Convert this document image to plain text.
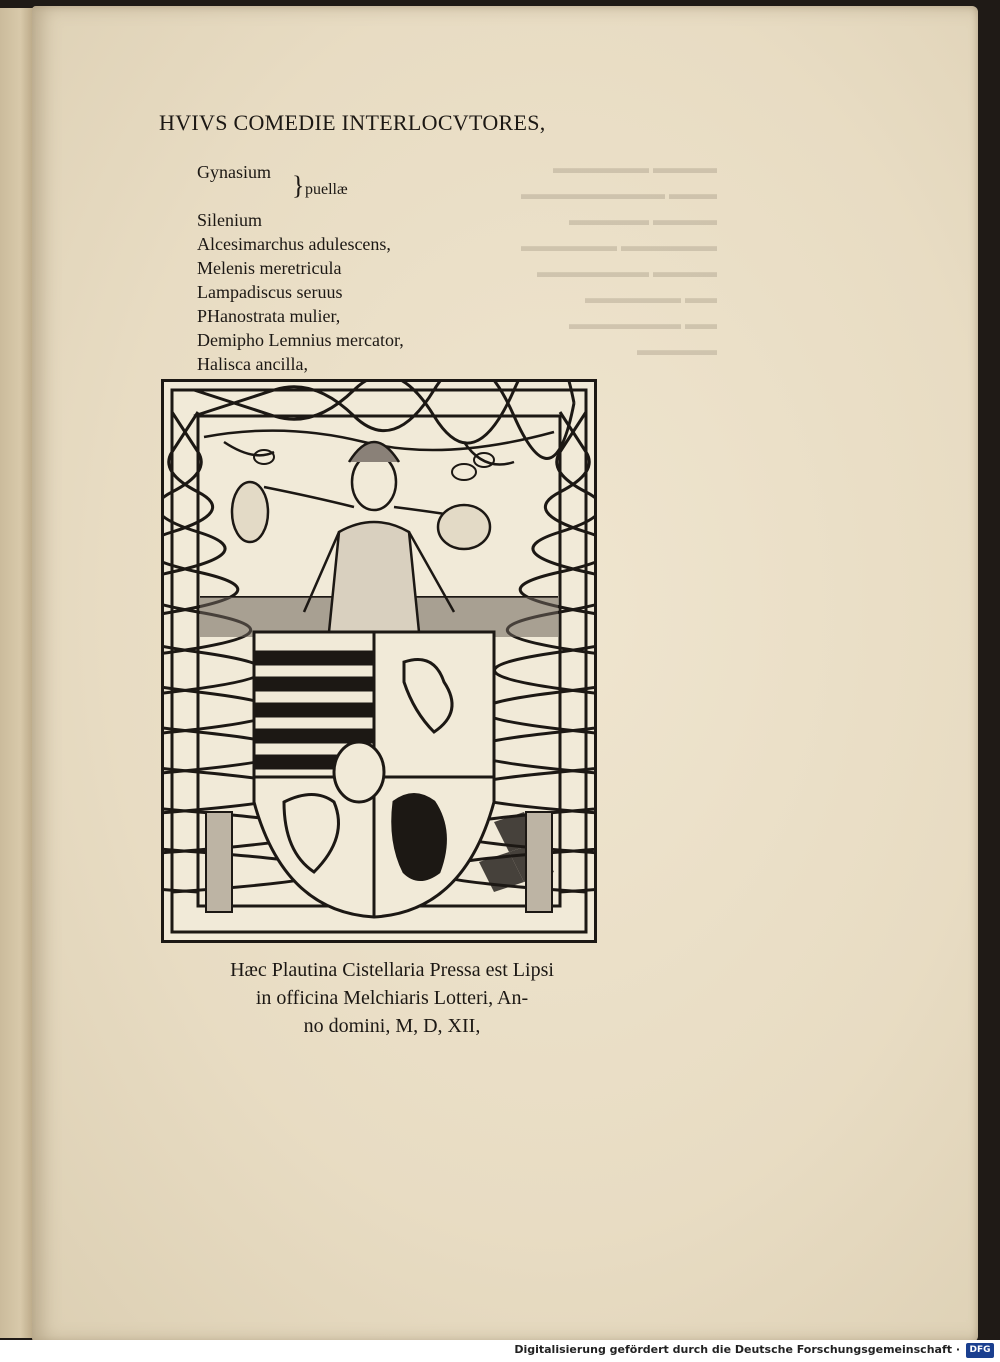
▬▬▬▬ ▬▬▬▬▬▬
▬▬▬ ▬▬▬▬▬▬▬▬▬
▬▬▬▬ ▬▬▬▬▬
▬▬▬▬▬▬ ▬▬▬▬▬▬
▬▬▬▬ ▬▬▬▬▬▬▬
▬▬ ▬▬▬▬▬▬
▬▬ ▬▬▬▬▬▬▬
▬▬▬▬▬
HVIVS COMEDIE INTERLOCVTORES,
Gynasium } puellæ
Silenium
Alcesimarchus adulescens,
Melenis meretricula
Lampadiscus seruus
PHanostrata mulier,
Demipho Lemnius mercator,
Halisca ancilla,
Hæc Plautina Cistellaria Pressa est Lipsi
in officina Melchiaris Lotteri, An-
no domini, M, D, XII,
Digitalisierung gefördert durch die Deutsche Forschungsgemeinschaft ·	DFG
